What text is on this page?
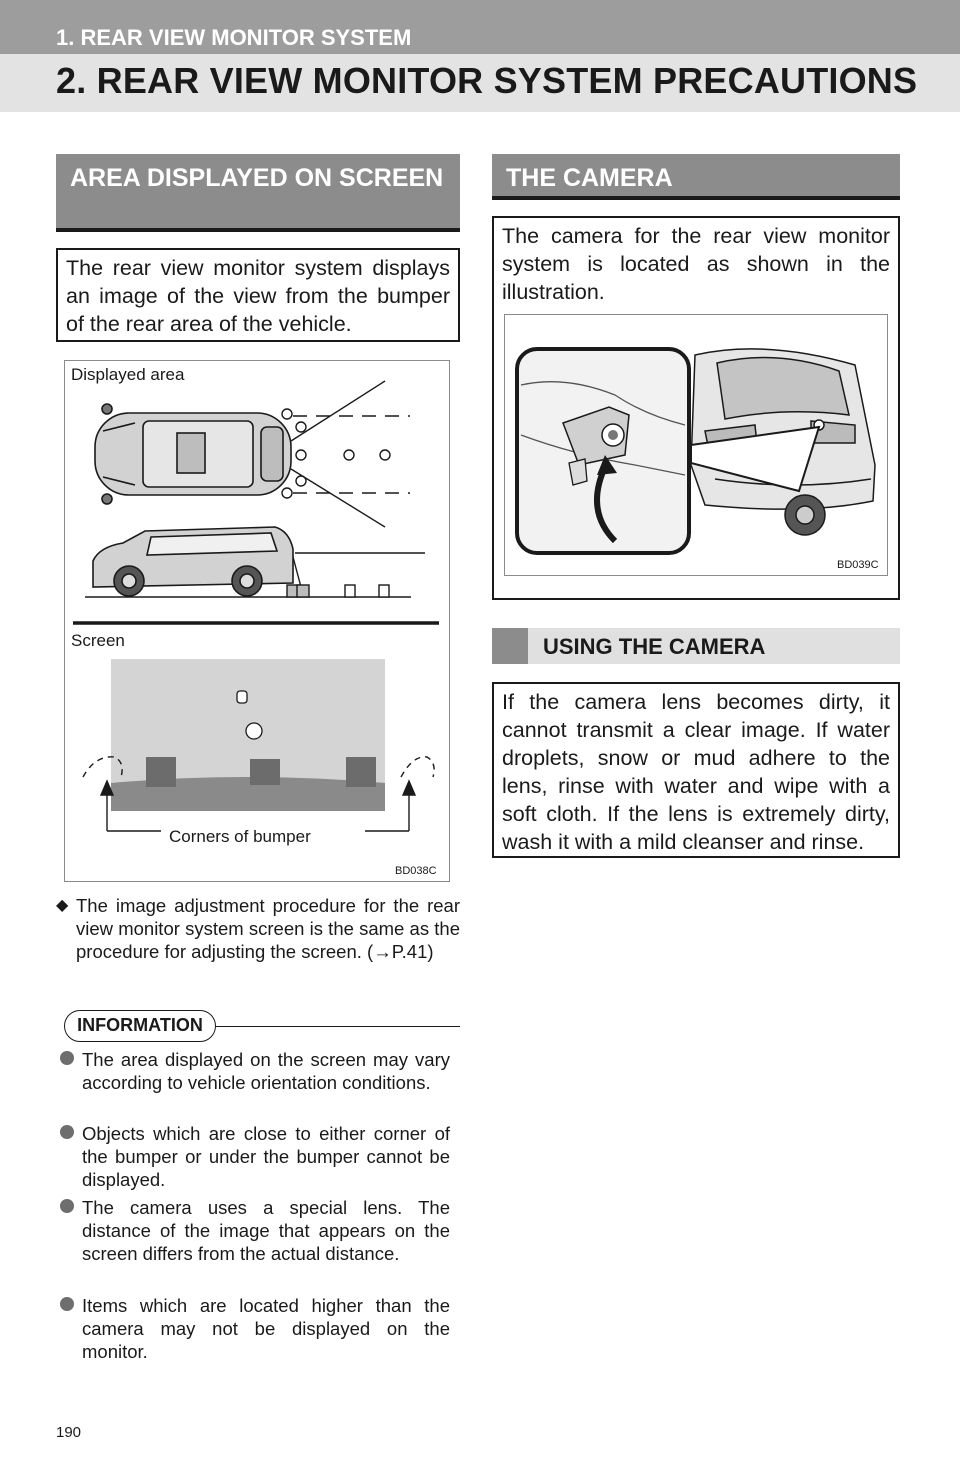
1. REAR VIEW MONITOR SYSTEM
2. REAR VIEW MONITOR SYSTEM PRECAUTIONS
AREA DISPLAYED ON SCREEN
The rear view monitor system displays an image of the view from the bumper of the rear area of the vehicle.
Displayed area
Screen
Corners of bumper
BD038C
◆ The image adjustment procedure for the rear view monitor system screen is the same as the procedure for adjusting the screen. (→P.41)
INFORMATION
The area displayed on the screen may vary according to vehicle orientation conditions.
Objects which are close to either corner of the bumper or under the bumper cannot be displayed.
The camera uses a special lens. The distance of the image that appears on the screen differs from the actual distance.
Items which are located higher than the camera may not be displayed on the monitor.
THE CAMERA
The camera for the rear view monitor system is located as shown in the illustration.
BD039C
USING THE CAMERA
If the camera lens becomes dirty, it cannot transmit a clear image. If water droplets, snow or mud adhere to the lens, rinse with water and wipe with a soft cloth. If the lens is extremely dirty, wash it with a mild cleanser and rinse.
190
